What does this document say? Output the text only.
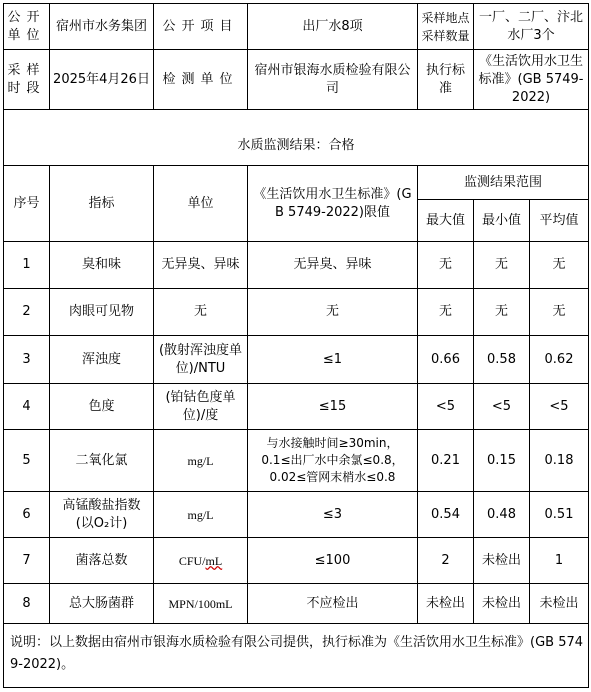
公开单位	宿州市水务集团	公开项目	出厂水8项	采样地点采样数量	一厂、二厂、汴北水厂3个	
采样时段	2025年4月26日	检测单位	宿州市银海水质检验有限公司	执行标准	《生活饮用水卫生标准》(GB 5749-2022)	

水质监测结果：合格						
序号	指标	单位	《生活饮用水卫生标准》(GB 5749-2022)限值	监测结果范围		
				最大值	最小值	平均值
1	臭和味	无异臭、异味	无异臭、异味	无	无	无
2	肉眼可见物	无	无	无	无	无
3	浑浊度	(散射浑浊度单位)/NTU	≤1	0.66	0.58	0.62
4	色度	(铂钴色度单位)/度	≤15	<5	<5	<5
5	二氧化氯	mg/L	与水接触时间≥30min，
0.1≤出厂水中余氯≤0.8，
0.02≤管网末梢水≤0.8	0.21	0.15	0.18
6	高锰酸盐指数
(以O₂计)	mg/L	≤3	0.54	0.48	0.51
7	菌落总数	CFU/mL	≤100	2	未检出	1
8	总大肠菌群	MPN/100mL	不应检出	未检出	未检出	未检出
说明：以上数据由宿州市银海水质检验有限公司提供，执行标准为《生活饮用水卫生标准》(GB 5749-2022)。						
